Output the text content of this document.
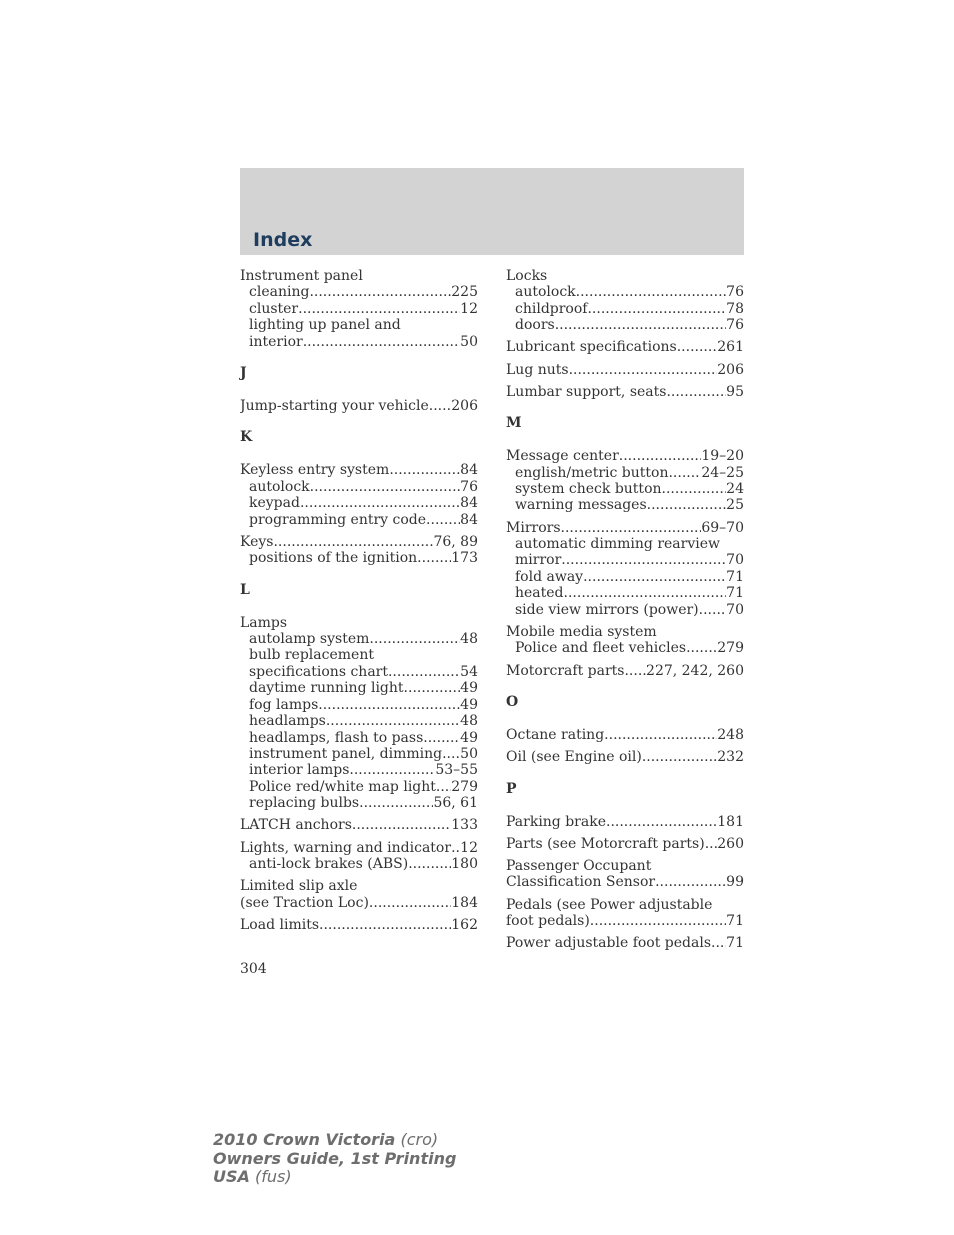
Index
Instrument panel
cleaning .....	225
cluster .....	12
lighting up panel and
interior .....	50
J
Jump-starting your vehicle ..... 206
K
Keyless entry system .....	84
autolock .....	76
keypad .....	84
programming entry code ..... 84
Keys .....	76, 89
positions of the ignition ..... 173
L
Lamps
autolamp system .....	48
bulb replacement
specifications chart .....	54
daytime running light .....	49
fog lamps .....	49
headlamps .....	48
headlamps, flash to pass .....	49
instrument panel, dimming ..... 50
interior lamps .....	53–55
Police red/white map light ..... 279
replacing bulbs .....	56, 61
LATCH anchors .....	133
Lights, warning and indicator ..... 12
anti-lock brakes (ABS) .....	180
Limited slip axle
(see Traction Loc) .....	184
Load limits .....	162
Locks
autolock .....	76
childproof .....	78
doors .....	76
Lubricant specifications .....	261
Lug nuts .....	206
Lumbar support, seats .....	95
M
Message center .....	19–20
english/metric button ..... 24–25
system check button .....	24
warning messages .....	25
Mirrors .....	69–70
automatic dimming rearview
mirror .....	70
fold away .....	71
heated .....	71
side view mirrors (power) ..... 70
Mobile media system
Police and fleet vehicles ..... 279
Motorcraft parts ..... 227, 242, 260
O
Octane rating .....	248
Oil (see Engine oil) .....	232
P
Parking brake .....	181
Parts (see Motorcraft parts) ..... 260
Passenger Occupant
Classification Sensor .....	99
Pedals (see Power adjustable
foot pedals) .....	71
Power adjustable foot pedals ..... 71
304
2010 Crown Victoria (cro)
Owners Guide, 1st Printing
USA (fus)
